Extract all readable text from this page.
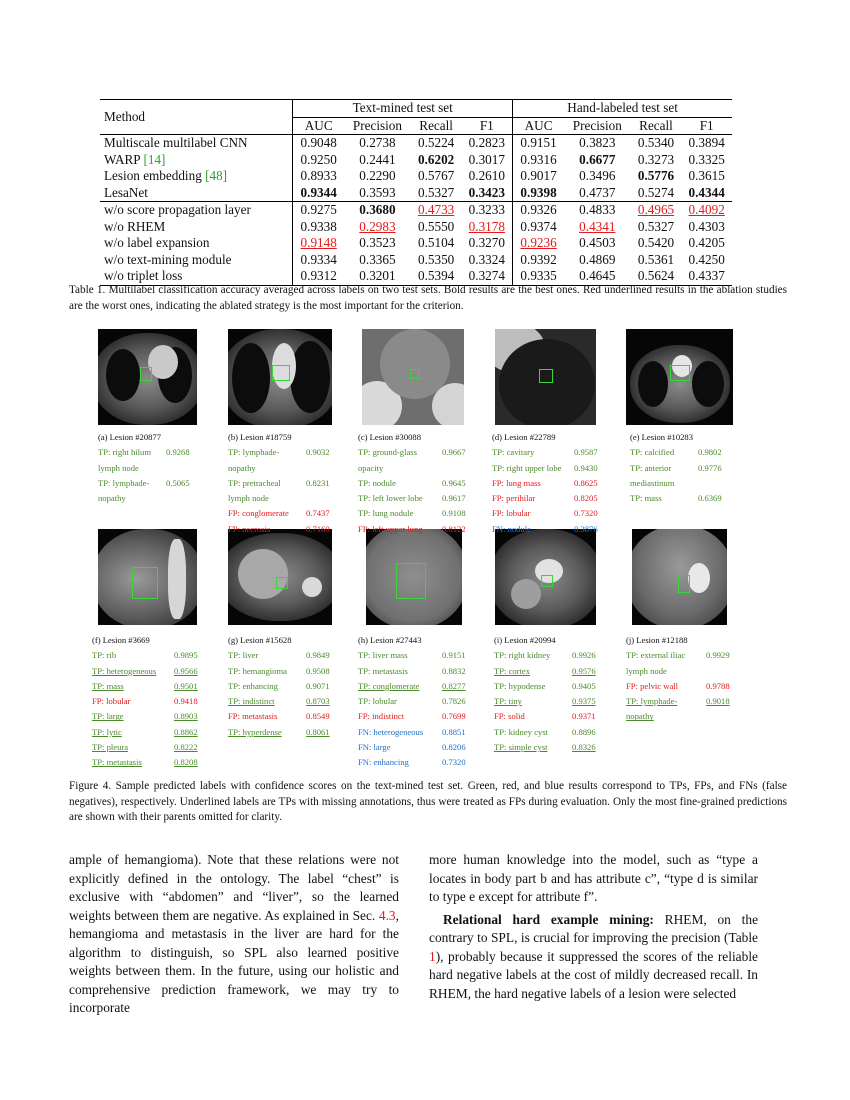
Method	Text-mined test set				Hand-labeled test set			
	AUC	Precision	Recall	F1	AUC	Precision	Recall	F1
Multiscale multilabel CNN	0.9048	0.2738	0.5224	0.2823	0.9151	0.3823	0.5340	0.3894
WARP [14]	0.9250	0.2441	0.6202	0.3017	0.9316	0.6677	0.3273	0.3325
Lesion embedding [48]	0.8933	0.2290	0.5767	0.2610	0.9017	0.3496	0.5776	0.3615
LesaNet	0.9344	0.3593	0.5327	0.3423	0.9398	0.4737	0.5274	0.4344
w/o score propagation layer	0.9275	0.3680	0.4733	0.3233	0.9326	0.4833	0.4965	0.4092
w/o RHEM	0.9338	0.2983	0.5550	0.3178	0.9374	0.4341	0.5327	0.4303
w/o label expansion	0.9148	0.3523	0.5104	0.3270	0.9236	0.4503	0.5420	0.4205
w/o text-mining module	0.9334	0.3365	0.5350	0.3324	0.9392	0.4869	0.5361	0.4250
w/o triplet loss	0.9312	0.3201	0.5394	0.3274	0.9335	0.4645	0.5624	0.4337
Table 1. Multilabel classification accuracy averaged across labels on two test sets. Bold results are the best ones. Red underlined results in the ablation studies are the worst ones, indicating the ablated strategy is the most important for the criterion.
(a) Lesion #20877
TP: right hilum 0.9268
lymph node
TP: lymphade- 0.5065
nopathy
(b) Lesion #18759
TP: lymphade-	0.9032
nopathy
TP: pretracheal	0.8231
lymph node
FP: conglomerate 0.7437
FP: necrosis	0.7160
(c) Lesion #30088
TP: ground-glass	0.9667
opacity
TP: nodule	0.9645
TP: left lower lobe 0.9617
TP: lung nodule	0.9108
FP: left upper lung 0.8122
(d) Lesion #22789
TP: cavitary	0.9587
TP: right upper lobe 0.9430
FP: lung mass	0.8625
FP: perihilar	0.8205
FP: lobular	0.7320
FN: nodule	0.3876
(e) Lesion #10283
TP: calcified	0.9802
TP: anterior	0.9776
mediastinum
TP: mass	0.6369
(f) Lesion #3669
TP: rib	0.9895
TP: heterogeneous 0.9566
TP: mass	0.9501
FP: lobular	0.9418
TP: large	0.8903
TP: lytic	0.8862
TP: pleura	0.8222
TP: metastasis	0.8208
(g) Lesion #15628
TP: liver	0.9849
TP: hemangioma 0.9508
TP: enhancing	0.9071
TP: indistinct	0.8703
FP: metastasis	0.8549
TP: hyperdense	0.8061
(h) Lesion #27443
TP: liver mass	0.9151
TP: metastasis	0.8832
TP: conglomerate	0.8277
TP: lobular	0.7826
FP: indistinct	0.7699
FN: heterogeneous 0.8851
FN: large	0.8206
FN: enhancing	0.7320
(i) Lesion #20994
TP: right kidney	0.9926
TP: cortex	0.9576
TP: hypodense	0.9405
TP: tiny	0.9375
FP: solid	0.9371
TP: kidney cyst	0.8896
TP: simple cyst	0.8326
(j) Lesion #12188
TP: external iliac 0.9929
lymph node
FP: pelvic wall	0.9788
TP: lymphade-	0.9018
nopathy
Figure 4. Sample predicted labels with confidence scores on the text-mined test set. Green, red, and blue results correspond to TPs, FPs, and FNs (false negatives), respectively. Underlined labels are TPs with missing annotations, thus were treated as FPs during evaluation. Only the most fine-grained predictions are shown with their parents omitted for clarity.

ample of hemangioma). Note that these relations were not explicitly defined in the ontology. The label “chest” is exclusive with “abdomen” and “liver”, so the learned weights between them are negative. As explained in Sec. 4.3, hemangioma and metastasis in the liver are hard for the algorithm to distinguish, so SPL also learned positive weights between them. In the future, using our holistic and comprehensive prediction framework, we may try to incorporate

more human knowledge into the model, such as “type a locates in body part b and has attribute c”, “type d is similar to type e except for attribute f”.

Relational hard example mining: RHEM, on the contrary to SPL, is crucial for improving the precision (Table 1), probably because it suppressed the scores of the reliable hard negative labels at the cost of mildly decreased recall. In RHEM, the hard negative labels of a lesion were selected
